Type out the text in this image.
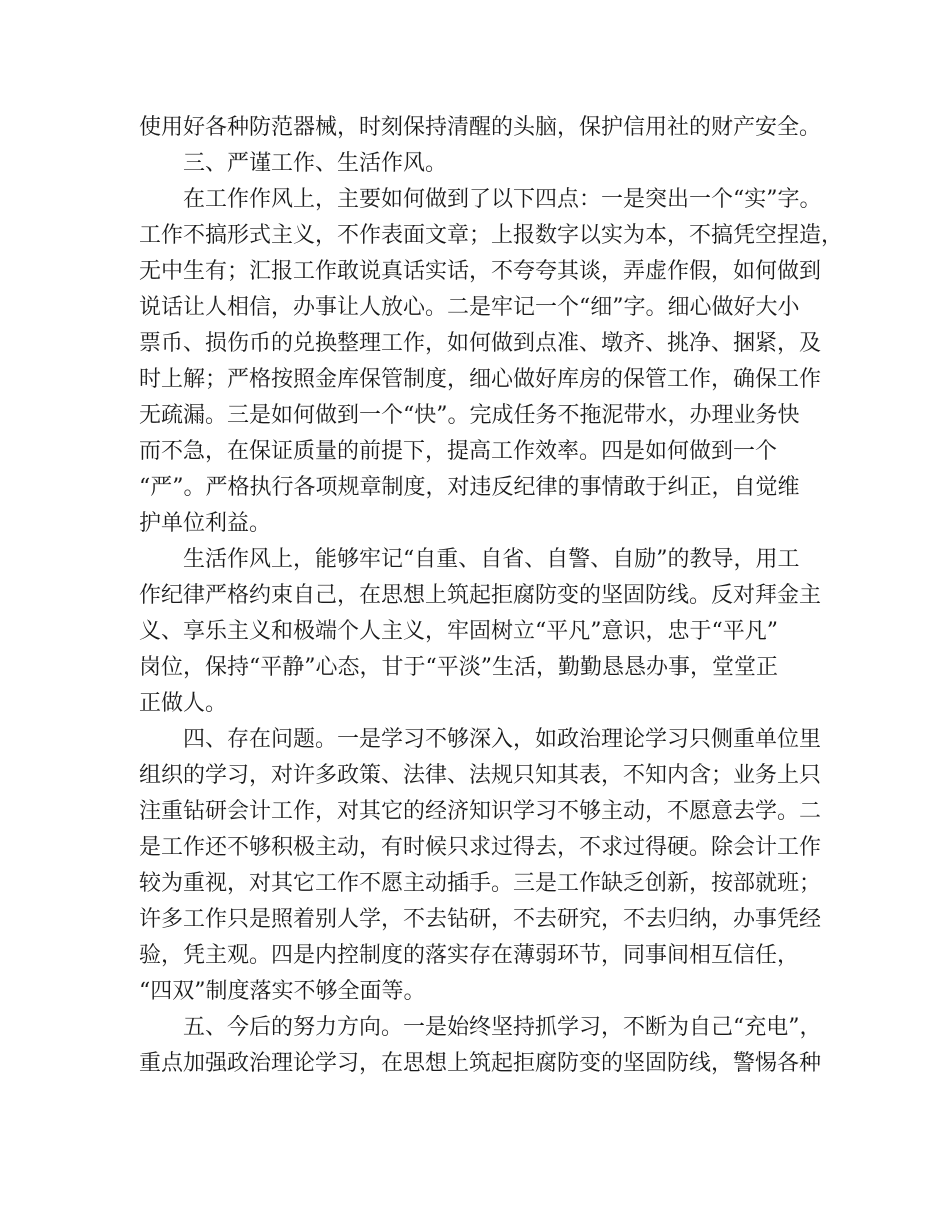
使用好各种防范器械，时刻保持清醒的头脑，保护信用社的财产安全。
三、严谨工作、生活作风。
在工作作风上，主要如何做到了以下四点：一是突出一个“实”字。
工作不搞形式主义，不作表面文章；上报数字以实为本，不搞凭空捏造，
无中生有；汇报工作敢说真话实话，不夸夸其谈，弄虚作假，如何做到
说话让人相信，办事让人放心。二是牢记一个“细”字。细心做好大小
票币、损伤币的兑换整理工作，如何做到点准、墩齐、挑净、捆紧，及
时上解；严格按照金库保管制度，细心做好库房的保管工作，确保工作
无疏漏。三是如何做到一个“快”。完成任务不拖泥带水，办理业务快
而不急，在保证质量的前提下，提高工作效率。四是如何做到一个
“严”。严格执行各项规章制度，对违反纪律的事情敢于纠正，自觉维
护单位利益。
生活作风上，能够牢记“自重、自省、自警、自励”的教导，用工
作纪律严格约束自己，在思想上筑起拒腐防变的坚固防线。反对拜金主
义、享乐主义和极端个人主义，牢固树立“平凡”意识，忠于“平凡”
岗位，保持“平静”心态，甘于“平淡”生活，勤勤恳恳办事，堂堂正
正做人。
四、存在问题。一是学习不够深入，如政治理论学习只侧重单位里
组织的学习，对许多政策、法律、法规只知其表，不知内含；业务上只
注重钻研会计工作，对其它的经济知识学习不够主动，不愿意去学。二
是工作还不够积极主动，有时候只求过得去，不求过得硬。除会计工作
较为重视，对其它工作不愿主动插手。三是工作缺乏创新，按部就班；
许多工作只是照着别人学，不去钻研，不去研究，不去归纳，办事凭经
验，凭主观。四是内控制度的落实存在薄弱环节，同事间相互信任，
“四双”制度落实不够全面等。
五、今后的努力方向。一是始终坚持抓学习，不断为自己“充电”，
重点加强政治理论学习，在思想上筑起拒腐防变的坚固防线，警惕各种
